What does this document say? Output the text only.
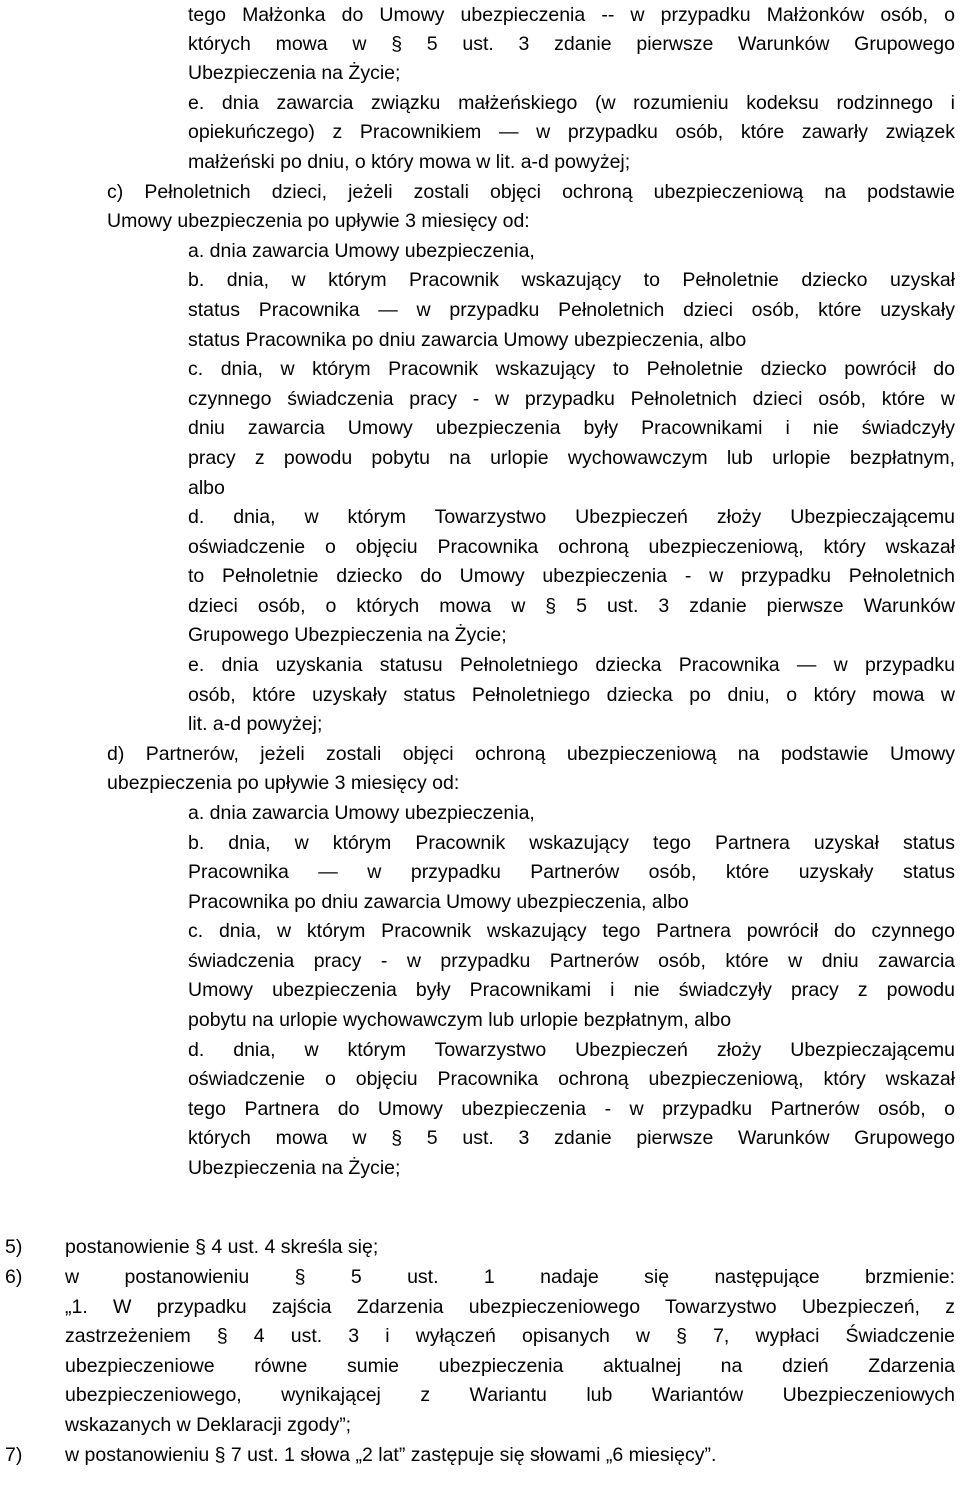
tego Małżonka do Umowy ubezpieczenia -- w przypadku Małżonków osób, o
których mowa w § 5 ust. 3 zdanie pierwsze Warunków Grupowego
Ubezpieczenia na Życie;
e. dnia zawarcia związku małżeńskiego (w rozumieniu kodeksu rodzinnego i
opiekuńczego) z Pracownikiem — w przypadku osób, które zawarły związek
małżeński po dniu, o który mowa w lit. a-d powyżej;
c) Pełnoletnich dzieci, jeżeli zostali objęci ochroną ubezpieczeniową na podstawie
Umowy ubezpieczenia po upływie 3 miesięcy od:
a. dnia zawarcia Umowy ubezpieczenia,
b. dnia, w którym Pracownik wskazujący to Pełnoletnie dziecko uzyskał
status Pracownika — w przypadku Pełnoletnich dzieci osób, które uzyskały
status Pracownika po dniu zawarcia Umowy ubezpieczenia, albo
c. dnia, w którym Pracownik wskazujący to Pełnoletnie dziecko powrócił do
czynnego świadczenia pracy - w przypadku Pełnoletnich dzieci osób, które w
dniu zawarcia Umowy ubezpieczenia były Pracownikami i nie świadczyły
pracy z powodu pobytu na urlopie wychowawczym lub urlopie bezpłatnym,
albo
d. dnia, w którym Towarzystwo Ubezpieczeń złoży Ubezpieczającemu
oświadczenie o objęciu Pracownika ochroną ubezpieczeniową, który wskazał
to Pełnoletnie dziecko do Umowy ubezpieczenia - w przypadku Pełnoletnich
dzieci osób, o których mowa w § 5 ust. 3 zdanie pierwsze Warunków
Grupowego Ubezpieczenia na Życie;
e. dnia uzyskania statusu Pełnoletniego dziecka Pracownika — w przypadku
osób, które uzyskały status Pełnoletniego dziecka po dniu, o który mowa w
lit. a-d powyżej;
d) Partnerów, jeżeli zostali objęci ochroną ubezpieczeniową na podstawie Umowy
ubezpieczenia po upływie 3 miesięcy od:
a. dnia zawarcia Umowy ubezpieczenia,
b. dnia, w którym Pracownik wskazujący tego Partnera uzyskał status
Pracownika — w przypadku Partnerów osób, które uzyskały status
Pracownika po dniu zawarcia Umowy ubezpieczenia, albo
c. dnia, w którym Pracownik wskazujący tego Partnera powrócił do czynnego
świadczenia pracy - w przypadku Partnerów osób, które w dniu zawarcia
Umowy ubezpieczenia były Pracownikami i nie świadczyły pracy z powodu
pobytu na urlopie wychowawczym lub urlopie bezpłatnym, albo
d. dnia, w którym Towarzystwo Ubezpieczeń złoży Ubezpieczającemu
oświadczenie o objęciu Pracownika ochroną ubezpieczeniową, który wskazał
tego Partnera do Umowy ubezpieczenia - w przypadku Partnerów osób, o
których mowa w § 5 ust. 3 zdanie pierwsze Warunków Grupowego
Ubezpieczenia na Życie;
5) postanowienie § 4 ust. 4 skreśla się;
6) w postanowieniu § 5 ust. 1 nadaje się następujące brzmienie:
„1. W przypadku zajścia Zdarzenia ubezpieczeniowego Towarzystwo Ubezpieczeń, z
zastrzeżeniem § 4 ust. 3 i wyłączeń opisanych w § 7, wypłaci Świadczenie
ubezpieczeniowe równe sumie ubezpieczenia aktualnej na dzień Zdarzenia
ubezpieczeniowego, wynikającej z Wariantu lub Wariantów Ubezpieczeniowych
wskazanych w Deklaracji zgody”;
7) w postanowieniu § 7 ust. 1 słowa „2 lat” zastępuje się słowami „6 miesięcy”.
